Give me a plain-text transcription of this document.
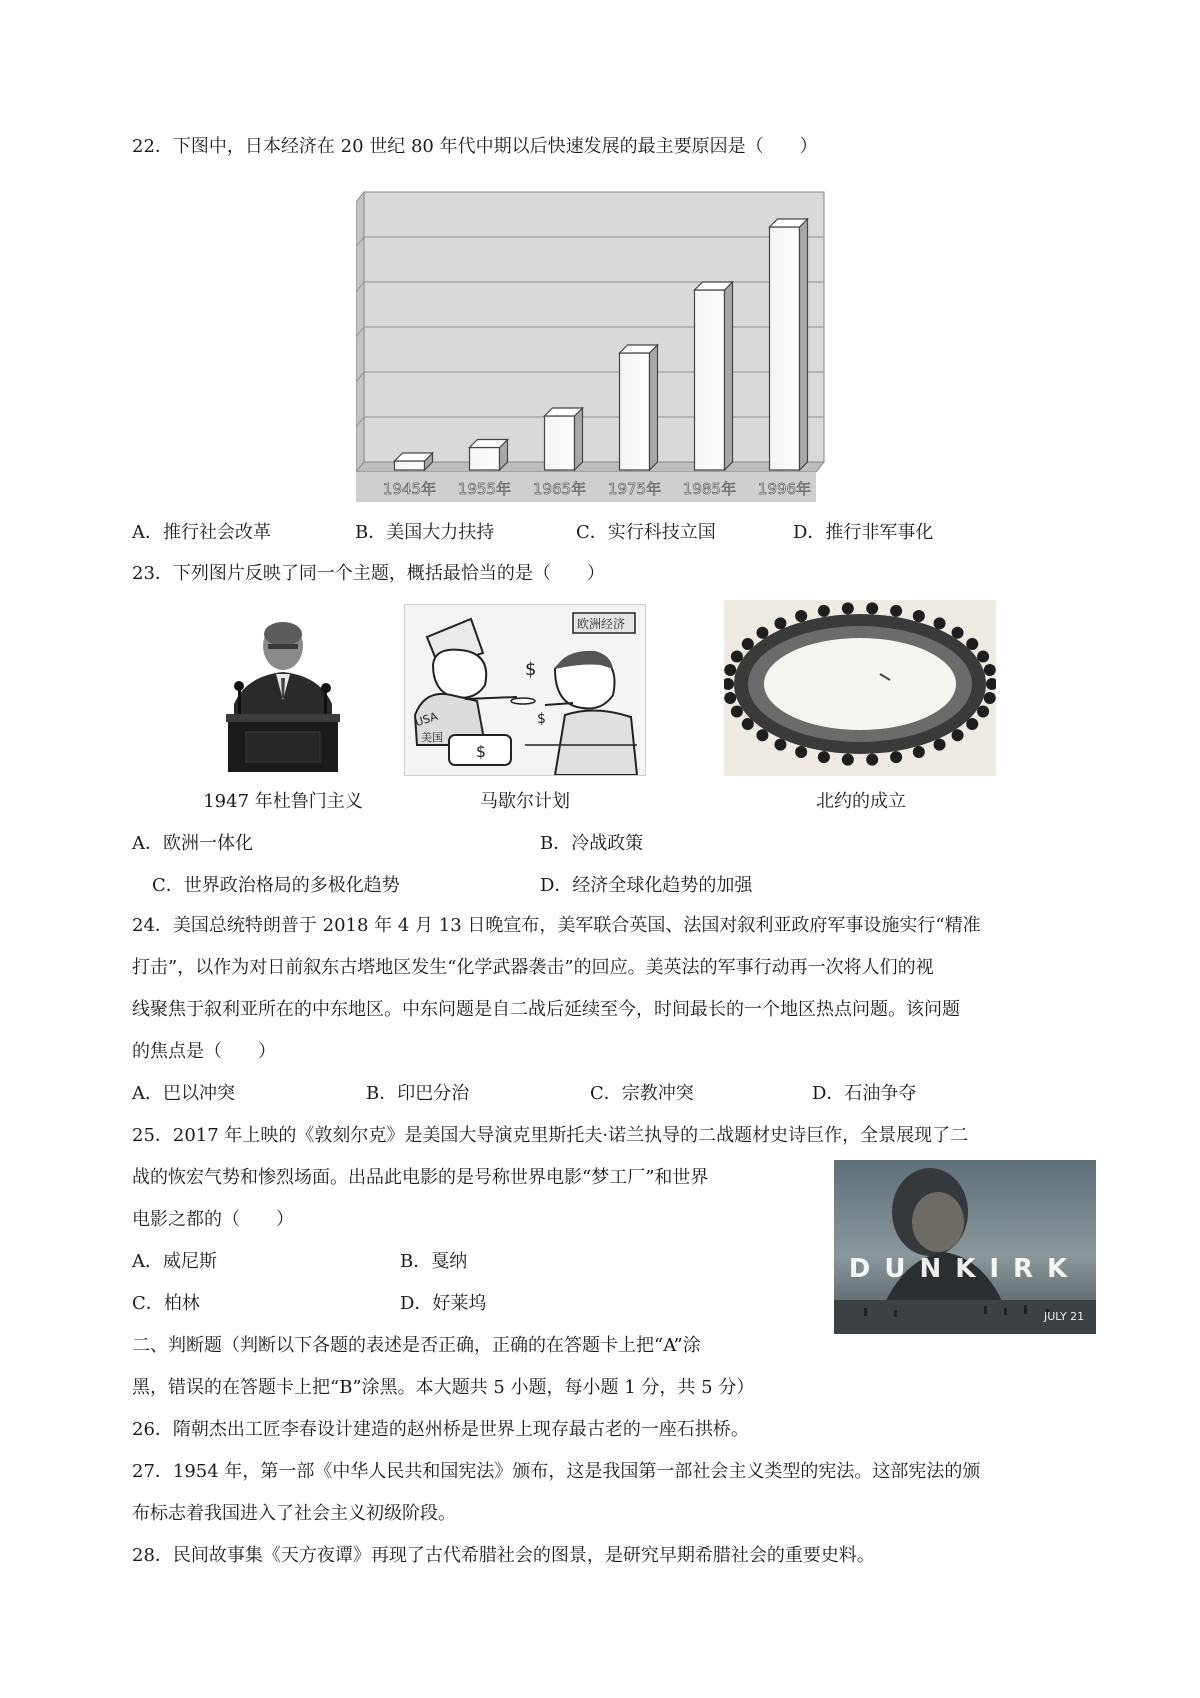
22．下图中，日本经济在 20 世纪 80 年代中期以后快速发展的最主要原因是（　　）
1945年 1955年 1965年 1975年 1985年 1996年
A．推行社会改革	B．美国大力扶持	C．实行科技立国	D．推行非军事化
23．下列图片反映了同一个主题，概括最恰当的是（　　）
$
$
$
欧洲经济
USA
美国
1947 年杜鲁门主义	马歇尔计划	北约的成立
A．欧洲一体化	B．冷战政策
C．世界政治格局的多极化趋势	D．经济全球化趋势的加强
24．美国总统特朗普于 2018 年 4 月 13 日晚宣布，美军联合英国、法国对叙利亚政府军事设施实行“精准
打击”，以作为对日前叙东古塔地区发生“化学武器袭击”的回应。美英法的军事行动再一次将人们的视
线聚焦于叙利亚所在的中东地区。中东问题是自二战后延续至今，时间最长的一个地区热点问题。该问题
的焦点是（　　）
A．巴以冲突	B．印巴分治	C．宗教冲突	D．石油争夺
25．2017 年上映的《敦刻尔克》是美国大导演克里斯托夫·诺兰执导的二战题材史诗巨作，全景展现了二
战的恢宏气势和惨烈场面。出品此电影的是号称世界电影“梦工厂”和世界
电影之都的（　　）
DUNKIRK
JULY 21
A．威尼斯	B．戛纳
C．柏林	D．好莱坞
二、判断题（判断以下各题的表述是否正确，正确的在答题卡上把“A”涂
黑，错误的在答题卡上把“B”涂黑。本大题共 5 小题，每小题 1 分，共 5 分）
26．隋朝杰出工匠李春设计建造的赵州桥是世界上现存最古老的一座石拱桥。
27．1954 年，第一部《中华人民共和国宪法》颁布，这是我国第一部社会主义类型的宪法。这部宪法的颁
布标志着我国进入了社会主义初级阶段。
28．民间故事集《天方夜谭》再现了古代希腊社会的图景，是研究早期希腊社会的重要史料。
